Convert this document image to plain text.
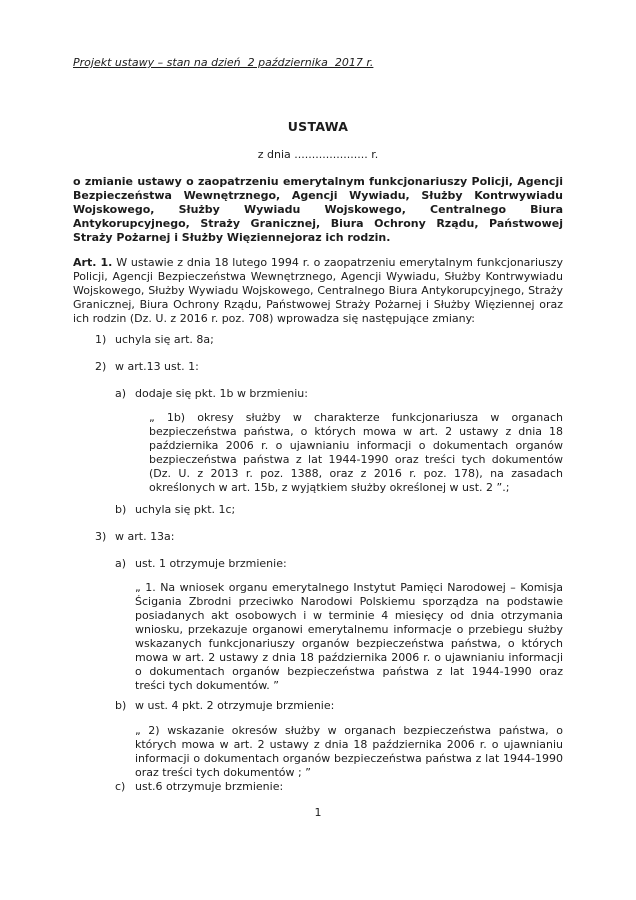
Projekt ustawy – stan na dzień  2 października  2017 r.
USTAWA
z dnia ..................... r.
o zmianie ustawy o zaopatrzeniu emerytalnym funkcjonariuszy Policji, Agencji Bezpieczeństwa Wewnętrznego, Agencji Wywiadu, Służby Kontrwywiadu Wojskowego, Służby Wywiadu Wojskowego, Centralnego Biura Antykorupcyjnego, Straży Granicznej, Biura Ochrony Rządu, Państwowej Straży Pożarnej i Służby Więziennejoraz ich rodzin.
Art. 1. W ustawie z dnia 18 lutego 1994 r. o zaopatrzeniu emerytalnym funkcjonariuszy Policji, Agencji Bezpieczeństwa Wewnętrznego, Agencji Wywiadu, Służby Kontrwywiadu Wojskowego, Służby Wywiadu Wojskowego, Centralnego Biura Antykorupcyjnego, Straży Granicznej, Biura Ochrony Rządu, Państwowej Straży Pożarnej i Służby Więziennej oraz ich rodzin (Dz. U. z 2016 r. poz. 708) wprowadza się następujące zmiany:
1) uchyla się art. 8a;
2) w art.13 ust. 1:
a) dodaje się pkt. 1b w brzmieniu:
„ 1b) okresy służby w charakterze funkcjonariusza w organach bezpieczeństwa państwa, o których mowa w art. 2 ustawy z dnia 18 października 2006 r. o ujawnianiu informacji o dokumentach organów bezpieczeństwa państwa z lat 1944-1990 oraz treści tych dokumentów (Dz. U. z 2013 r. poz. 1388, oraz z 2016 r. poz. 178), na zasadach określonych w art. 15b, z wyjątkiem służby określonej w ust. 2 ”.;
b) uchyla się pkt. 1c;
3) w art. 13a:
a) ust. 1 otrzymuje brzmienie:
„ 1. Na wniosek organu emerytalnego Instytut Pamięci Narodowej – Komisja Ścigania Zbrodni przeciwko Narodowi Polskiemu sporządza na podstawie posiadanych akt osobowych i w terminie 4 miesięcy od dnia otrzymania wniosku, przekazuje organowi emerytalnemu informacje o przebiegu służby wskazanych funkcjonariuszy organów bezpieczeństwa państwa, o których mowa w art. 2 ustawy z dnia 18 października 2006 r. o ujawnianiu informacji o dokumentach organów bezpieczeństwa państwa z lat 1944-1990 oraz treści tych dokumentów. ”
b) w ust. 4 pkt. 2 otrzymuje brzmienie:
„ 2) wskazanie okresów służby w organach bezpieczeństwa państwa, o których mowa w art. 2 ustawy z dnia 18 października 2006 r. o ujawnianiu informacji o dokumentach organów bezpieczeństwa państwa z lat 1944-1990 oraz treści tych dokumentów ; ”
c) ust.6 otrzymuje brzmienie:
1
